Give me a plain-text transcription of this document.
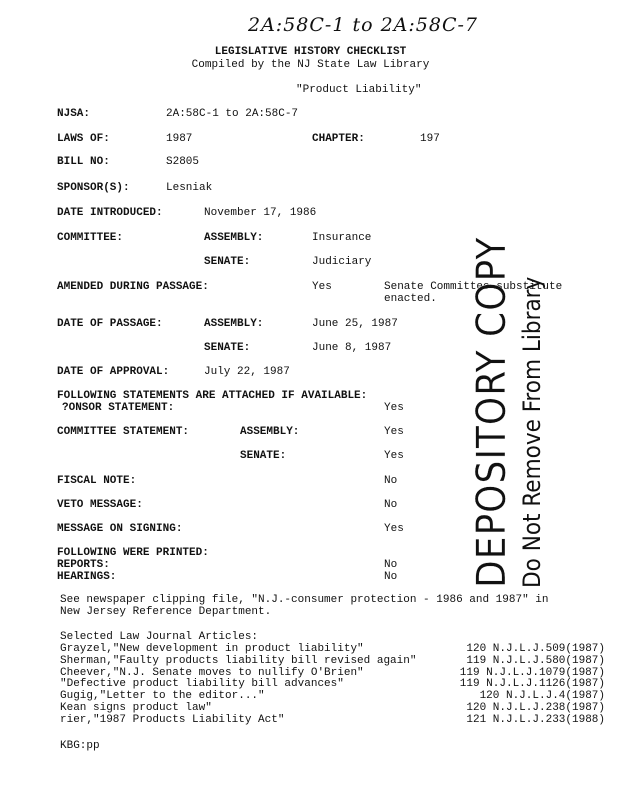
2A:58C-1 to 2A:58C-7
LEGISLATIVE HISTORY CHECKLIST
Compiled by the NJ State Law Library
"Product Liability"
NJSA:	2A:58C-1 to 2A:58C-7
LAWS OF:	1987	CHAPTER:	197
BILL NO:	S2805
SPONSOR(S):	Lesniak
DATE INTRODUCED:	November 17, 1986
COMMITTEE:	ASSEMBLY:	Insurance
SENATE:	Judiciary
AMENDED DURING PASSAGE:	Yes	Senate Committee substitute
enacted.
DATE OF PASSAGE:	ASSEMBLY:	June 25, 1987
SENATE:	June 8, 1987
DATE OF APPROVAL:	July 22, 1987
FOLLOWING STATEMENTS ARE ATTACHED IF AVAILABLE:
?ONSOR STATEMENT:	Yes
COMMITTEE STATEMENT:	ASSEMBLY:	Yes
SENATE:	Yes
FISCAL NOTE:	No
VETO MESSAGE:	No
MESSAGE ON SIGNING:	Yes
FOLLOWING WERE PRINTED:
REPORTS:	No
HEARINGS:	No DEPOSITORY COPY Do Not Remove From Library
See newspaper clipping file, "N.J.-consumer protection - 1986 and 1987" in
New Jersey Reference Department.
Selected Law Journal Articles:
Grayzel,"New development in product liability"	120 N.J.L.J.509(1987)
Sherman,"Faulty products liability bill revised again"	119 N.J.L.J.580(1987)
Cheever,"N.J. Senate moves to nullify O'Brien"	119 N.J.L.J.1079(1987)
"Defective product liability bill advances"	119 N.J.L.J.1126(1987)
Gugig,"Letter to the editor..."	120 N.J.L.J.4(1987)
Kean signs product law"	120 N.J.L.J.238(1987)
rier,"1987 Products Liability Act"	121 N.J.L.J.233(1988)
KBG:pp
